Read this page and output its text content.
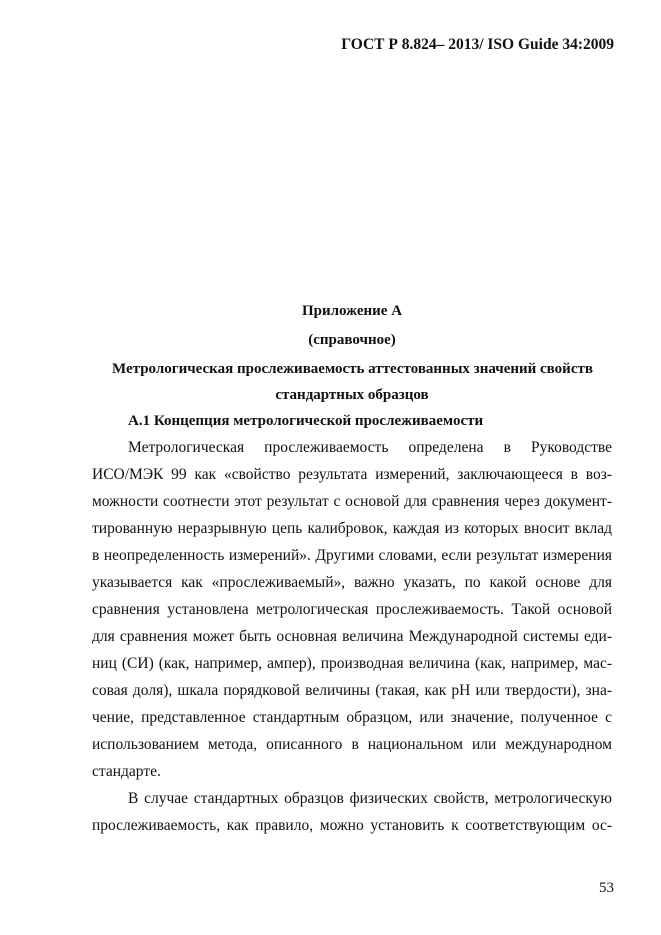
ГОСТ Р 8.824– 2013/ ISO Guide 34:2009
Приложение А
(справочное)
Метрологическая прослеживаемость аттестованных значений свойств
стандартных образцов
А.1 Концепция метрологической прослеживаемости
Метрологическая прослеживаемость определена в Руководстве
ИСО/МЭК 99 как «свойство результата измерений, заключающееся в воз-
можности соотнести этот результат с основой для сравнения через документ-
тированную неразрывную цепь калибровок, каждая из которых вносит вклад
в неопределенность измерений». Другими словами, если результат измерения
указывается как «прослеживаемый», важно указать, по какой основе для
сравнения установлена метрологическая прослеживаемость. Такой основой
для сравнения может быть основная величина Международной системы еди-
ниц (СИ) (как, например, ампер), производная величина (как, например, мас-
совая доля), шкала порядковой величины (такая, как pH или твердости), зна-
чение, представленное стандартным образцом, или значение, полученное с
использованием метода, описанного в национальном или международном
стандарте.
В случае стандартных образцов физических свойств, метрологическую
прослеживаемость, как правило, можно установить к соответствующим ос-
53
